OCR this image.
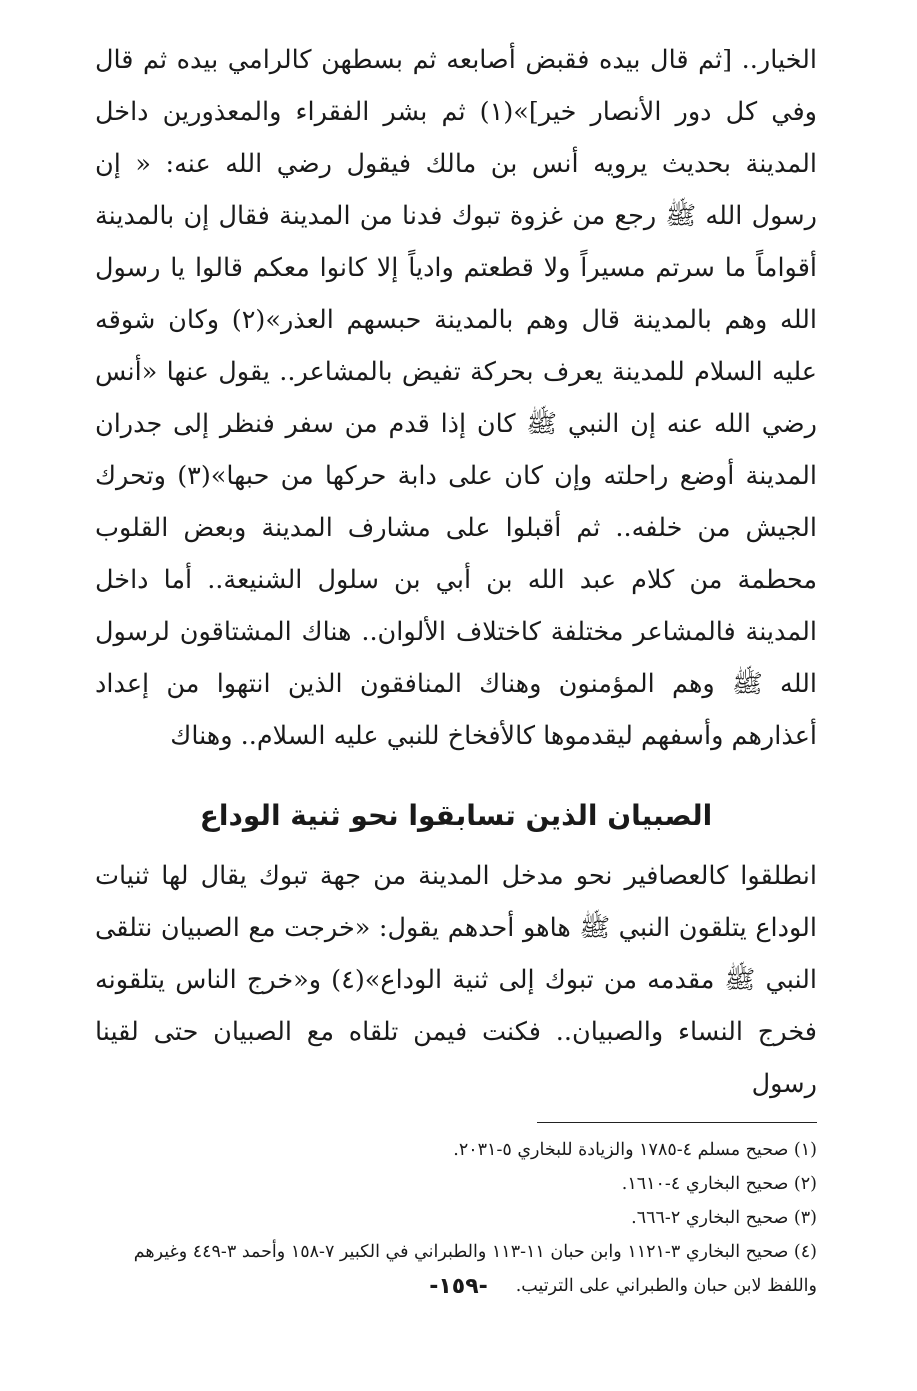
الخيار.. [ثم قال بيده فقبض أصابعه ثم بسطهن كالرامي بيده ثم قال وفي كل دور الأنصار خير]»(١) ثم بشر الفقراء والمعذورين داخل المدينة بحديث يرويه أنس بن مالك فيقول رضي الله عنه: « إن رسول الله ﷺ رجع من غزوة تبوك فدنا من المدينة فقال إن بالمدينة أقواماً ما سرتم مسيراً ولا قطعتم وادياً إلا كانوا معكم قالوا يا رسول الله وهم بالمدينة قال وهم بالمدينة حبسهم العذر»(٢) وكان شوقه عليه السلام للمدينة يعرف بحركة تفيض بالمشاعر.. يقول عنها «أنس رضي الله عنه إن النبي ﷺ كان إذا قدم من سفر فنظر إلى جدران المدينة أوضع راحلته وإن كان على دابة حركها من حبها»(٣) وتحرك الجيش من خلفه.. ثم أقبلوا على مشارف المدينة وبعض القلوب محطمة من كلام عبد الله بن أبي بن سلول الشنيعة.. أما داخل المدينة فالمشاعر مختلفة كاختلاف الألوان.. هناك المشتاقون لرسول الله ﷺ وهم المؤمنون وهناك المنافقون الذين انتهوا من إعداد أعذارهم وأسفهم ليقدموها كالأفخاخ للنبي عليه السلام.. وهناك

الصبيان الذين تسابقوا نحو ثنية الوداع

انطلقوا كالعصافير نحو مدخل المدينة من جهة تبوك يقال لها ثنيات الوداع يتلقون النبي ﷺ هاهو أحدهم يقول: «خرجت مع الصبيان نتلقى النبي ﷺ مقدمه من تبوك إلى ثنية الوداع»(٤) و«خرج الناس يتلقونه فخرج النساء والصبيان.. فكنت فيمن تلقاه مع الصبيان حتى لقينا رسول

(١) صحيح مسلم ٤-١٧٨٥ والزيادة للبخاري ٥-٢٠٣١.
(٢) صحيح البخاري ٤-١٦١٠.
(٣) صحيح البخاري ٢-٦٦٦.
(٤) صحيح البخاري ٣-١١٢١ وابن حبان ١١-١١٣ والطبراني في الكبير ٧-١٥٨ وأحمد ٣-٤٤٩ وغيرهم واللفظ لابن حبان والطبراني على الترتيب.
-١٥٩-
